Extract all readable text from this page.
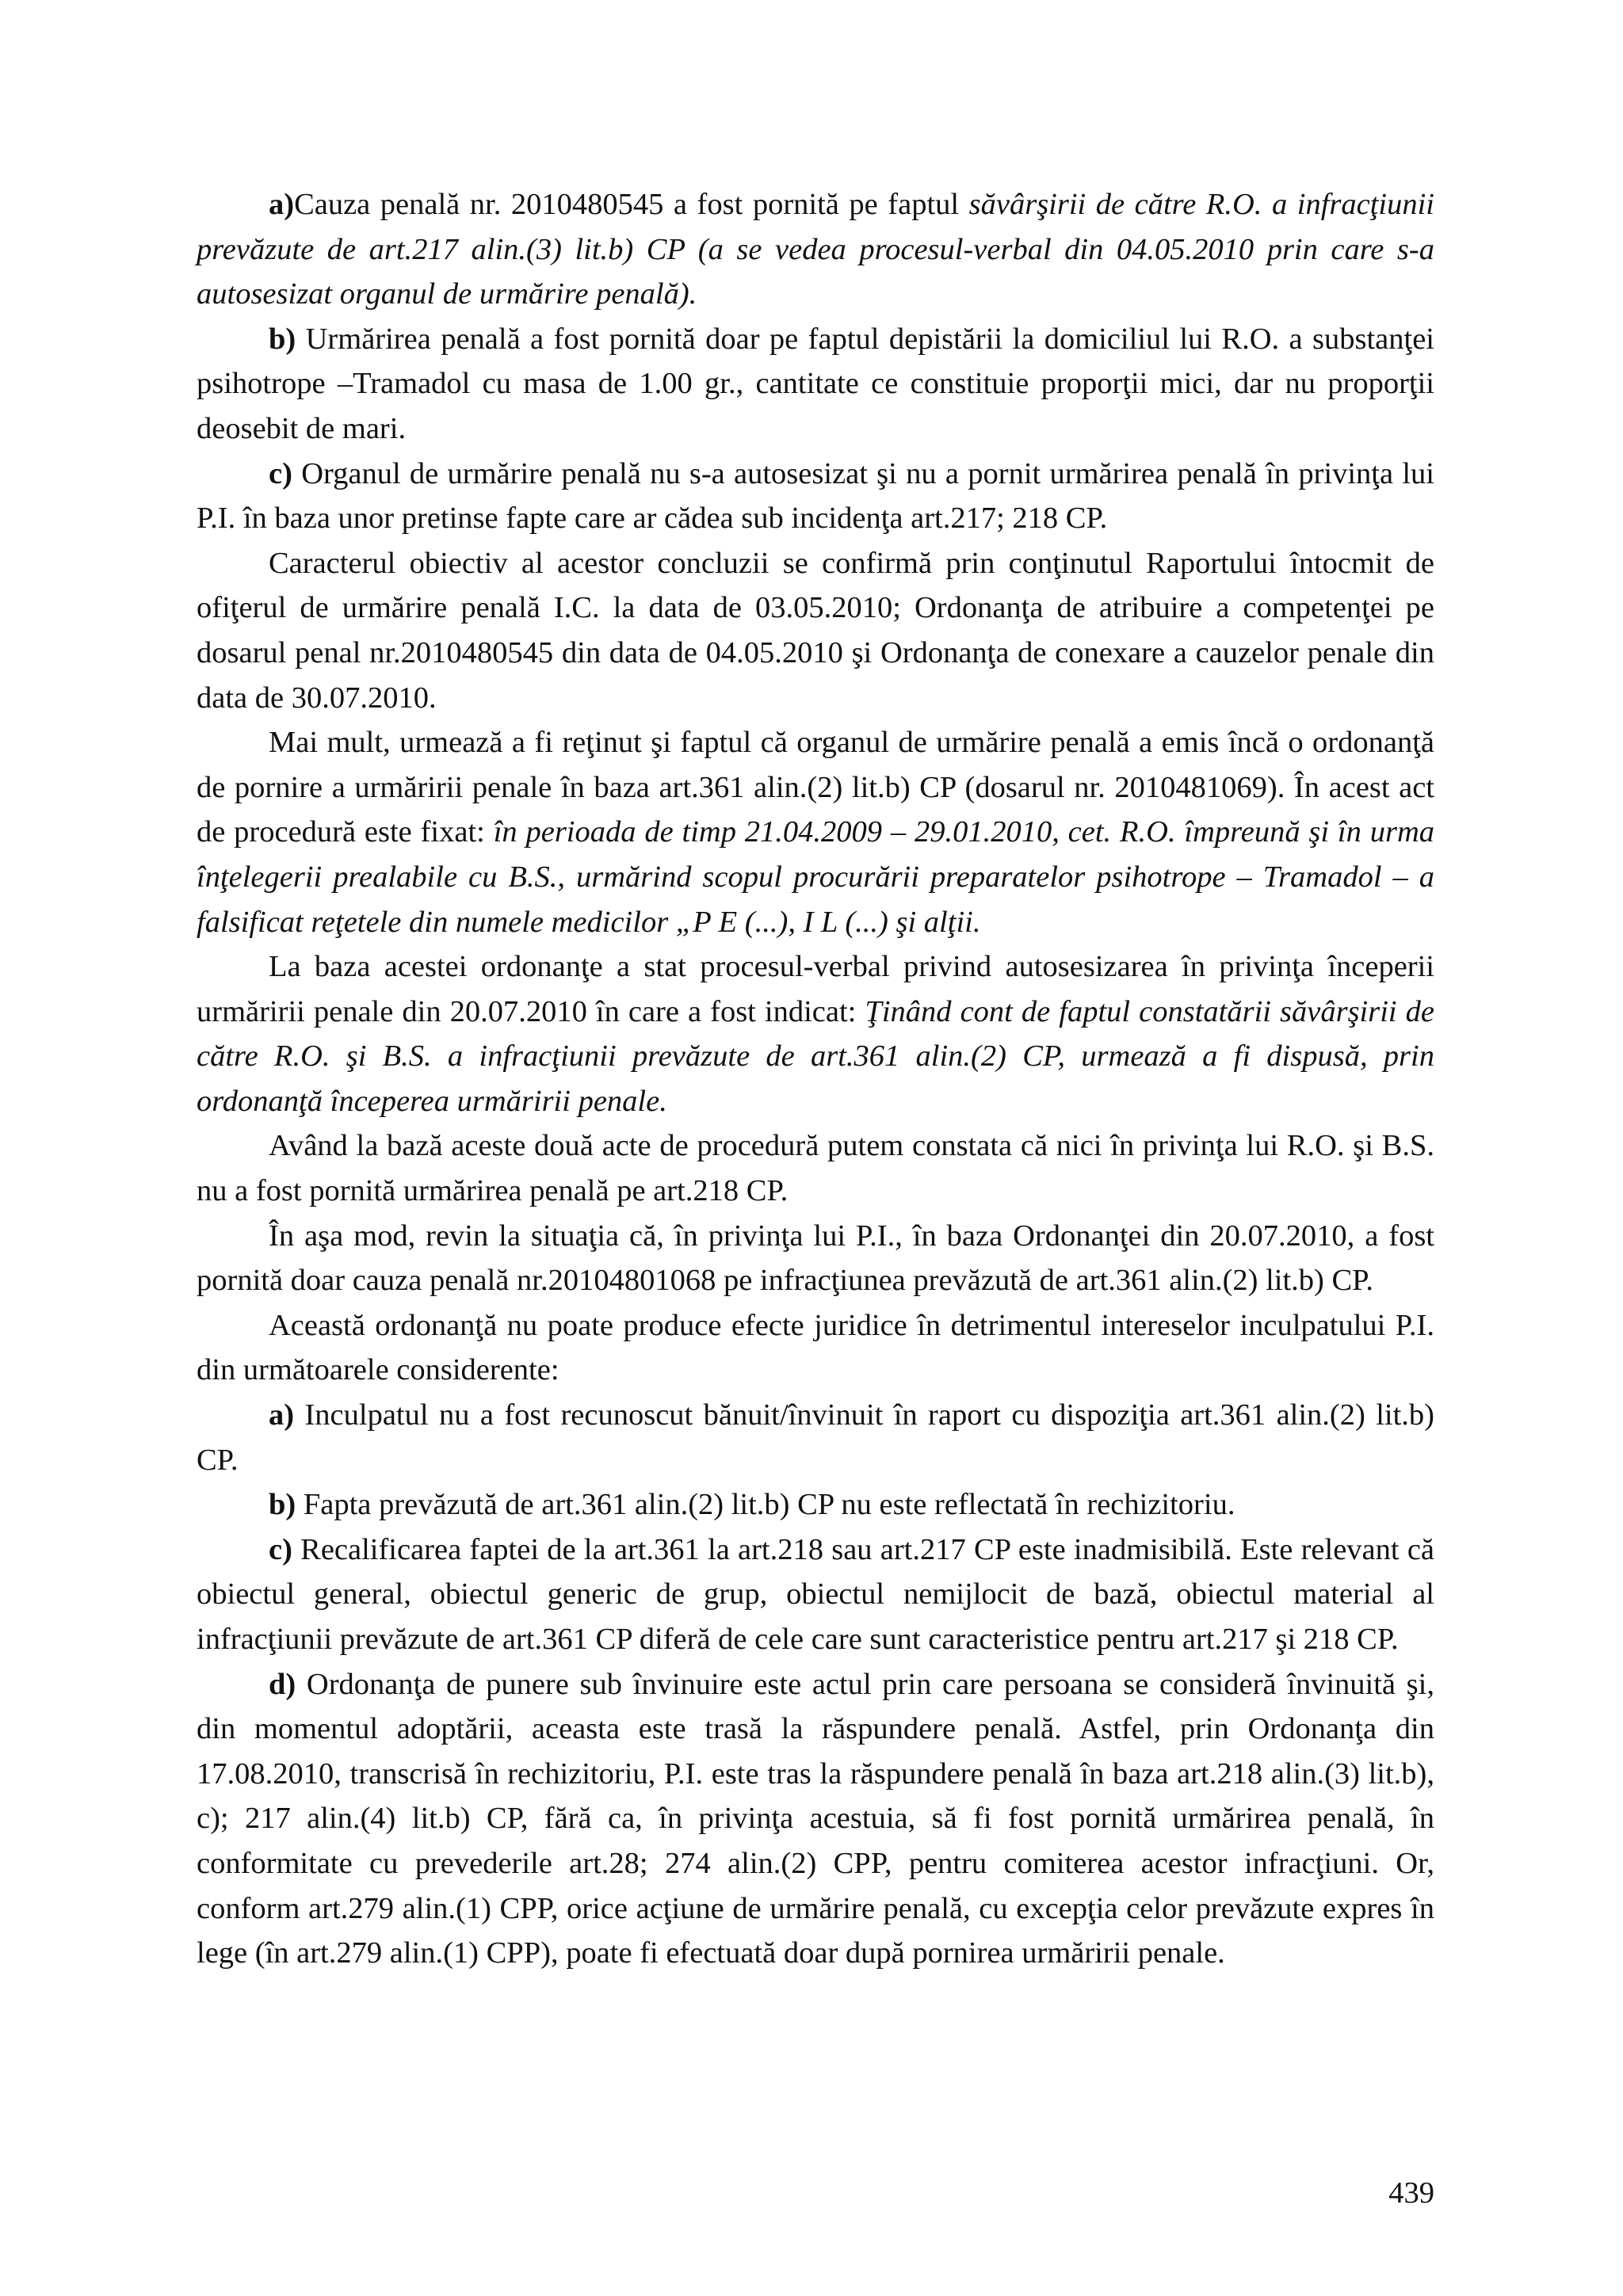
a)Cauza penală nr. 2010480545 a fost pornită pe faptul săvârşirii de către R.O. a infracţiunii prevăzute de art.217 alin.(3) lit.b) CP (a se vedea procesul-verbal din 04.05.2010 prin care s-a autosesizat organul de urmărire penală).

b) Urmărirea penală a fost pornită doar pe faptul depistării la domiciliul lui R.O. a substanţei psihotrope –Tramadol cu masa de 1.00 gr., cantitate ce constituie proporţii mici, dar nu proporţii deosebit de mari.

c) Organul de urmărire penală nu s-a autosesizat şi nu a pornit urmărirea penală în privinţa lui P.I. în baza unor pretinse fapte care ar cădea sub incidenţa art.217; 218 CP.

Caracterul obiectiv al acestor concluzii se confirmă prin conţinutul Raportului întocmit de ofiţerul de urmărire penală I.C. la data de 03.05.2010; Ordonanţa de atribuire a competenţei pe dosarul penal nr.2010480545 din data de 04.05.2010 şi Ordonanţa de conexare a cauzelor penale din data de 30.07.2010.

Mai mult, urmează a fi reţinut şi faptul că organul de urmărire penală a emis încă o ordonanţă de pornire a urmăririi penale în baza art.361 alin.(2) lit.b) CP (dosarul nr. 2010481069). În acest act de procedură este fixat: în perioada de timp 21.04.2009 – 29.01.2010, cet. R.O. împreună şi în urma înţelegerii prealabile cu B.S., urmărind scopul procurării preparatelor psihotrope – Tramadol – a falsificat reţetele din numele medicilor „P E (...), I L (...) şi alţii.

La baza acestei ordonanţe a stat procesul-verbal privind autosesizarea în privinţa începerii urmăririi penale din 20.07.2010 în care a fost indicat: Ţinând cont de faptul constatării săvârşirii de către R.O. şi B.S. a infracţiunii prevăzute de art.361 alin.(2) CP, urmează a fi dispusă, prin ordonanţă începerea urmăririi penale.

Având la bază aceste două acte de procedură putem constata că nici în privinţa lui R.O. şi B.S. nu a fost pornită urmărirea penală pe art.218 CP.

În aşa mod, revin la situaţia că, în privinţa lui P.I., în baza Ordonanţei din 20.07.2010, a fost pornită doar cauza penală nr.20104801068 pe infracţiunea prevăzută de art.361 alin.(2) lit.b) CP.

Această ordonanţă nu poate produce efecte juridice în detrimentul intereselor inculpatului P.I. din următoarele considerente:

a) Inculpatul nu a fost recunoscut bănuit/învinuit în raport cu dispoziţia art.361 alin.(2) lit.b) CP.

b) Fapta prevăzută de art.361 alin.(2) lit.b) CP nu este reflectată în rechizitoriu.

c) Recalificarea faptei de la art.361 la art.218 sau art.217 CP este inadmisibilă. Este relevant că obiectul general, obiectul generic de grup, obiectul nemijlocit de bază, obiectul material al infracţiunii prevăzute de art.361 CP diferă de cele care sunt caracteristice pentru art.217 şi 218 CP.

d) Ordonanţa de punere sub învinuire este actul prin care persoana se consideră învinuită şi, din momentul adoptării, aceasta este trasă la răspundere penală. Astfel, prin Ordonanţa din 17.08.2010, transcrisă în rechizitoriu, P.I. este tras la răspundere penală în baza art.218 alin.(3) lit.b), c); 217 alin.(4) lit.b) CP, fără ca, în privinţa acestuia, să fi fost pornită urmărirea penală, în conformitate cu prevederile art.28; 274 alin.(2) CPP, pentru comiterea acestor infracţiuni. Or, conform art.279 alin.(1) CPP, orice acţiune de urmărire penală, cu excepţia celor prevăzute expres în lege (în art.279 alin.(1) CPP), poate fi efectuată doar după pornirea urmăririi penale.

439
